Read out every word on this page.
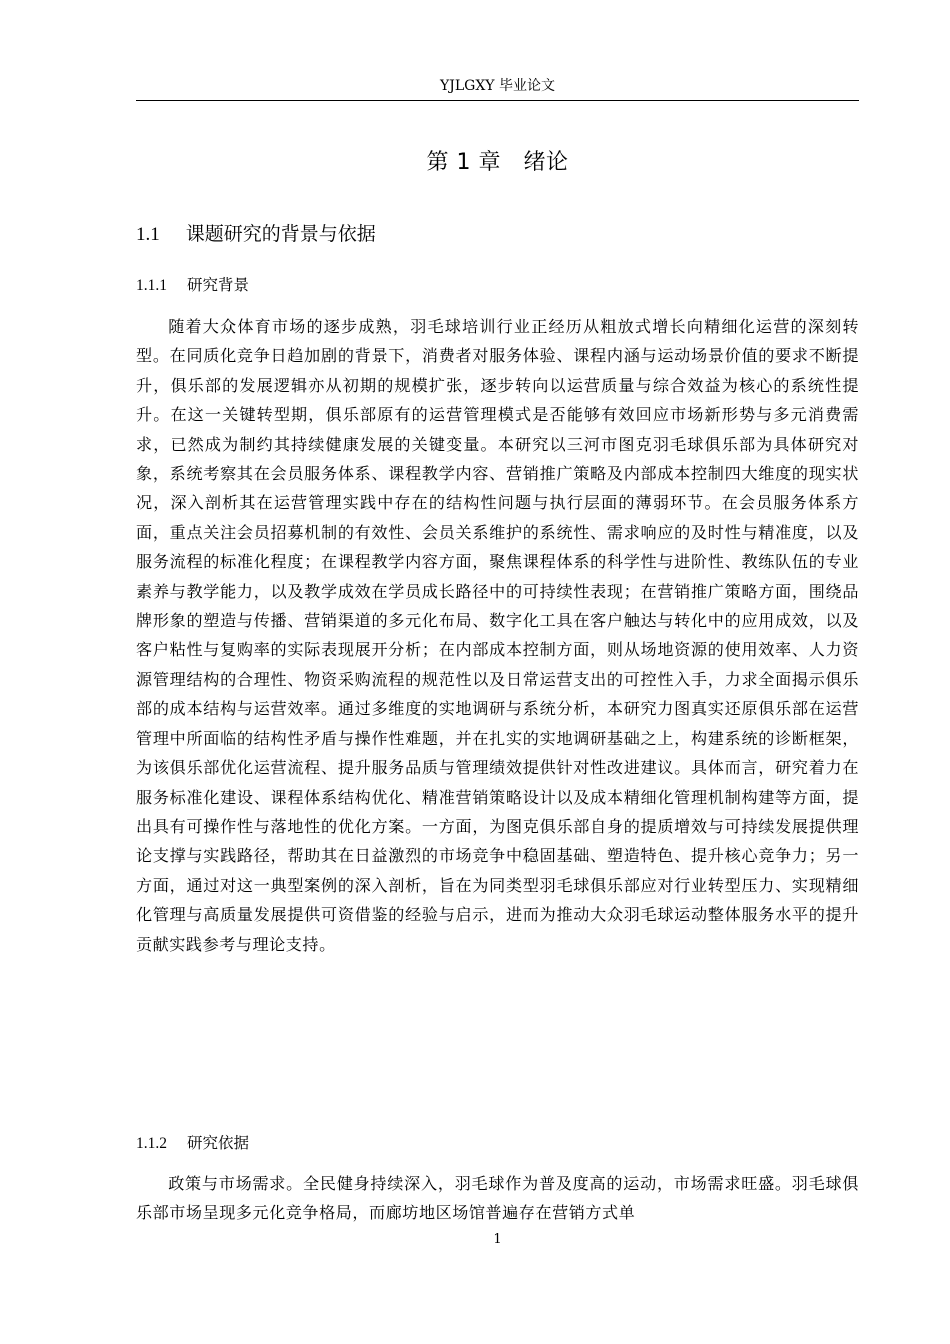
YJLGXY 毕业论文
第 1 章　绪论
1.1 课题研究的背景与依据
1.1.1 研究背景

随着大众体育市场的逐步成熟，羽毛球培训行业正经历从粗放式增长向精细化运营的深刻转型。在同质化竞争日趋加剧的背景下，消费者对服务体验、课程内涵与运动场景价值的要求不断提升，俱乐部的发展逻辑亦从初期的规模扩张，逐步转向以运营质量与综合效益为核心的系统性提升。在这一关键转型期，俱乐部原有的运营管理模式是否能够有效回应市场新形势与多元消费需求，已然成为制约其持续健康发展的关键变量。本研究以三河市图克羽毛球俱乐部为具体研究对象，系统考察其在会员服务体系、课程教学内容、营销推广策略及内部成本控制四大维度的现实状况，深入剖析其在运营管理实践中存在的结构性问题与执行层面的薄弱环节。在会员服务体系方面，重点关注会员招募机制的有效性、会员关系维护的系统性、需求响应的及时性与精准度，以及服务流程的标准化程度；在课程教学内容方面，聚焦课程体系的科学性与进阶性、教练队伍的专业素养与教学能力，以及教学成效在学员成长路径中的可持续性表现；在营销推广策略方面，围绕品牌形象的塑造与传播、营销渠道的多元化布局、数字化工具在客户触达与转化中的应用成效，以及客户粘性与复购率的实际表现展开分析；在内部成本控制方面，则从场地资源的使用效率、人力资源管理结构的合理性、物资采购流程的规范性以及日常运营支出的可控性入手，力求全面揭示俱乐部的成本结构与运营效率。通过多维度的实地调研与系统分析，本研究力图真实还原俱乐部在运营管理中所面临的结构性矛盾与操作性难题，并在扎实的实地调研基础之上，构建系统的诊断框架，为该俱乐部优化运营流程、提升服务品质与管理绩效提供针对性改进建议。具体而言，研究着力在服务标准化建设、课程体系结构优化、精准营销策略设计以及成本精细化管理机制构建等方面，提出具有可操作性与落地性的优化方案。一方面，为图克俱乐部自身的提质增效与可持续发展提供理论支撑与实践路径，帮助其在日益激烈的市场竞争中稳固基础、塑造特色、提升核心竞争力；另一方面，通过对这一典型案例的深入剖析，旨在为同类型羽毛球俱乐部应对行业转型压力、实现精细化管理与高质量发展提供可资借鉴的经验与启示，进而为推动大众羽毛球运动整体服务水平的提升贡献实践参考与理论支持。

1.1.2 研究依据

政策与市场需求。全民健身持续深入，羽毛球作为普及度高的运动，市场需求旺盛。羽毛球俱乐部市场呈现多元化竞争格局，而廊坊地区场馆普遍存在营销方式单

1
